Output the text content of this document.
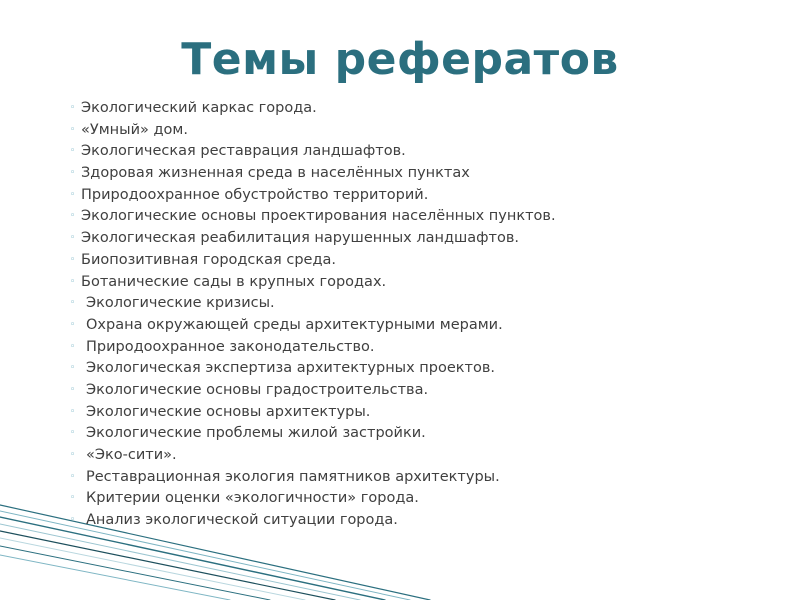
Темы рефератов
◦ Экологический каркас города.
◦ «Умный» дом.
◦ Экологическая реставрация ландшафтов.
◦ Здоровая жизненная среда в населённых пунктах
◦ Природоохранное обустройство территорий.
◦ Экологические основы проектирования населённых пунктов.
◦ Экологическая реабилитация нарушенных ландшафтов.
◦ Биопозитивная городская среда.
◦ Ботанические сады в крупных городах.
◦ Экологические кризисы.
◦ Охрана окружающей среды архитектурными мерами.
◦ Природоохранное законодательство.
◦ Экологическая экспертиза архитектурных проектов.
◦ Экологические основы градостроительства.
◦ Экологические основы архитектуры.
◦ Экологические проблемы жилой застройки.
◦ «Эко-сити».
◦ Реставрационная экология памятников архитектуры.
◦ Критерии оценки «экологичности» города.
◦ Анализ экологической ситуации города.
